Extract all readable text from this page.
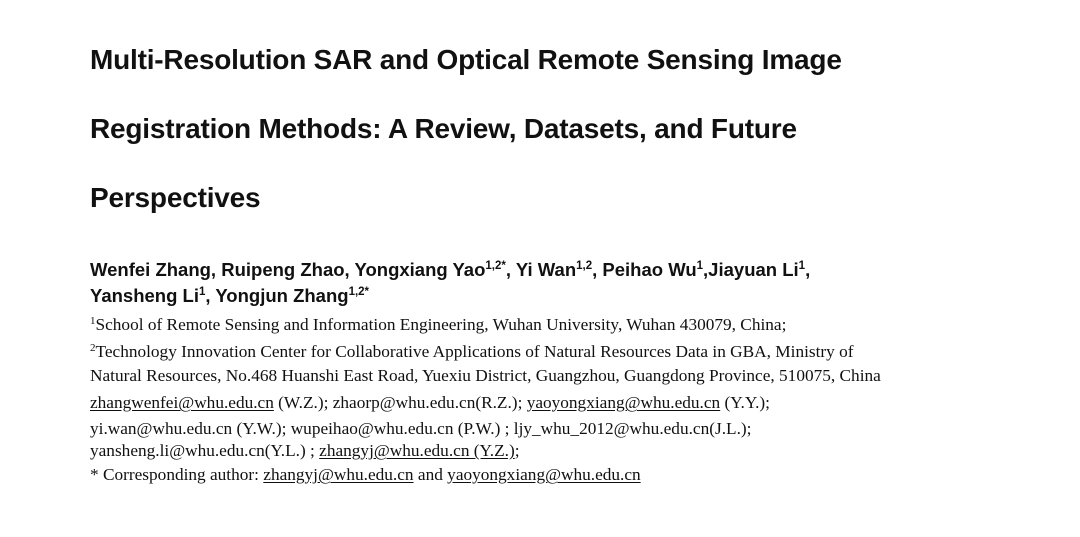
Multi-Resolution SAR and Optical Remote Sensing Image
Registration Methods: A Review, Datasets, and Future
Perspectives
Wenfei Zhang, Ruipeng Zhao, Yongxiang Yao$^{1,2*}$, Yi Wan$^{1,2}$, Peihao Wu$^1$,Jiayuan Li$^1$,
Yansheng Li$^1$, Yongjun Zhang$^{1,2*}$
$^1$School of Remote Sensing and Information Engineering, Wuhan University, Wuhan 430079, China;
$^2$Technology Innovation Center for Collaborative Applications of Natural Resources Data in GBA, Ministry of
Natural Resources, No.468 Huanshi East Road, Yuexiu District, Guangzhou, Guangdong Province, 510075, China
zhangwenfei@whu.edu.cn (W.Z.); zhaorp@whu.edu.cn(R.Z.); yaoyongxiang@whu.edu.cn (Y.Y.);
yi.wan@whu.edu.cn (Y.W.); wupeihao@whu.edu.cn (P.W.) ; ljy_whu_2012@whu.edu.cn(J.L.);
yansheng.li@whu.edu.cn(Y.L.) ; zhangyj@whu.edu.cn (Y.Z.);
* Corresponding author: zhangyj@whu.edu.cn and yaoyongxiang@whu.edu.cn
